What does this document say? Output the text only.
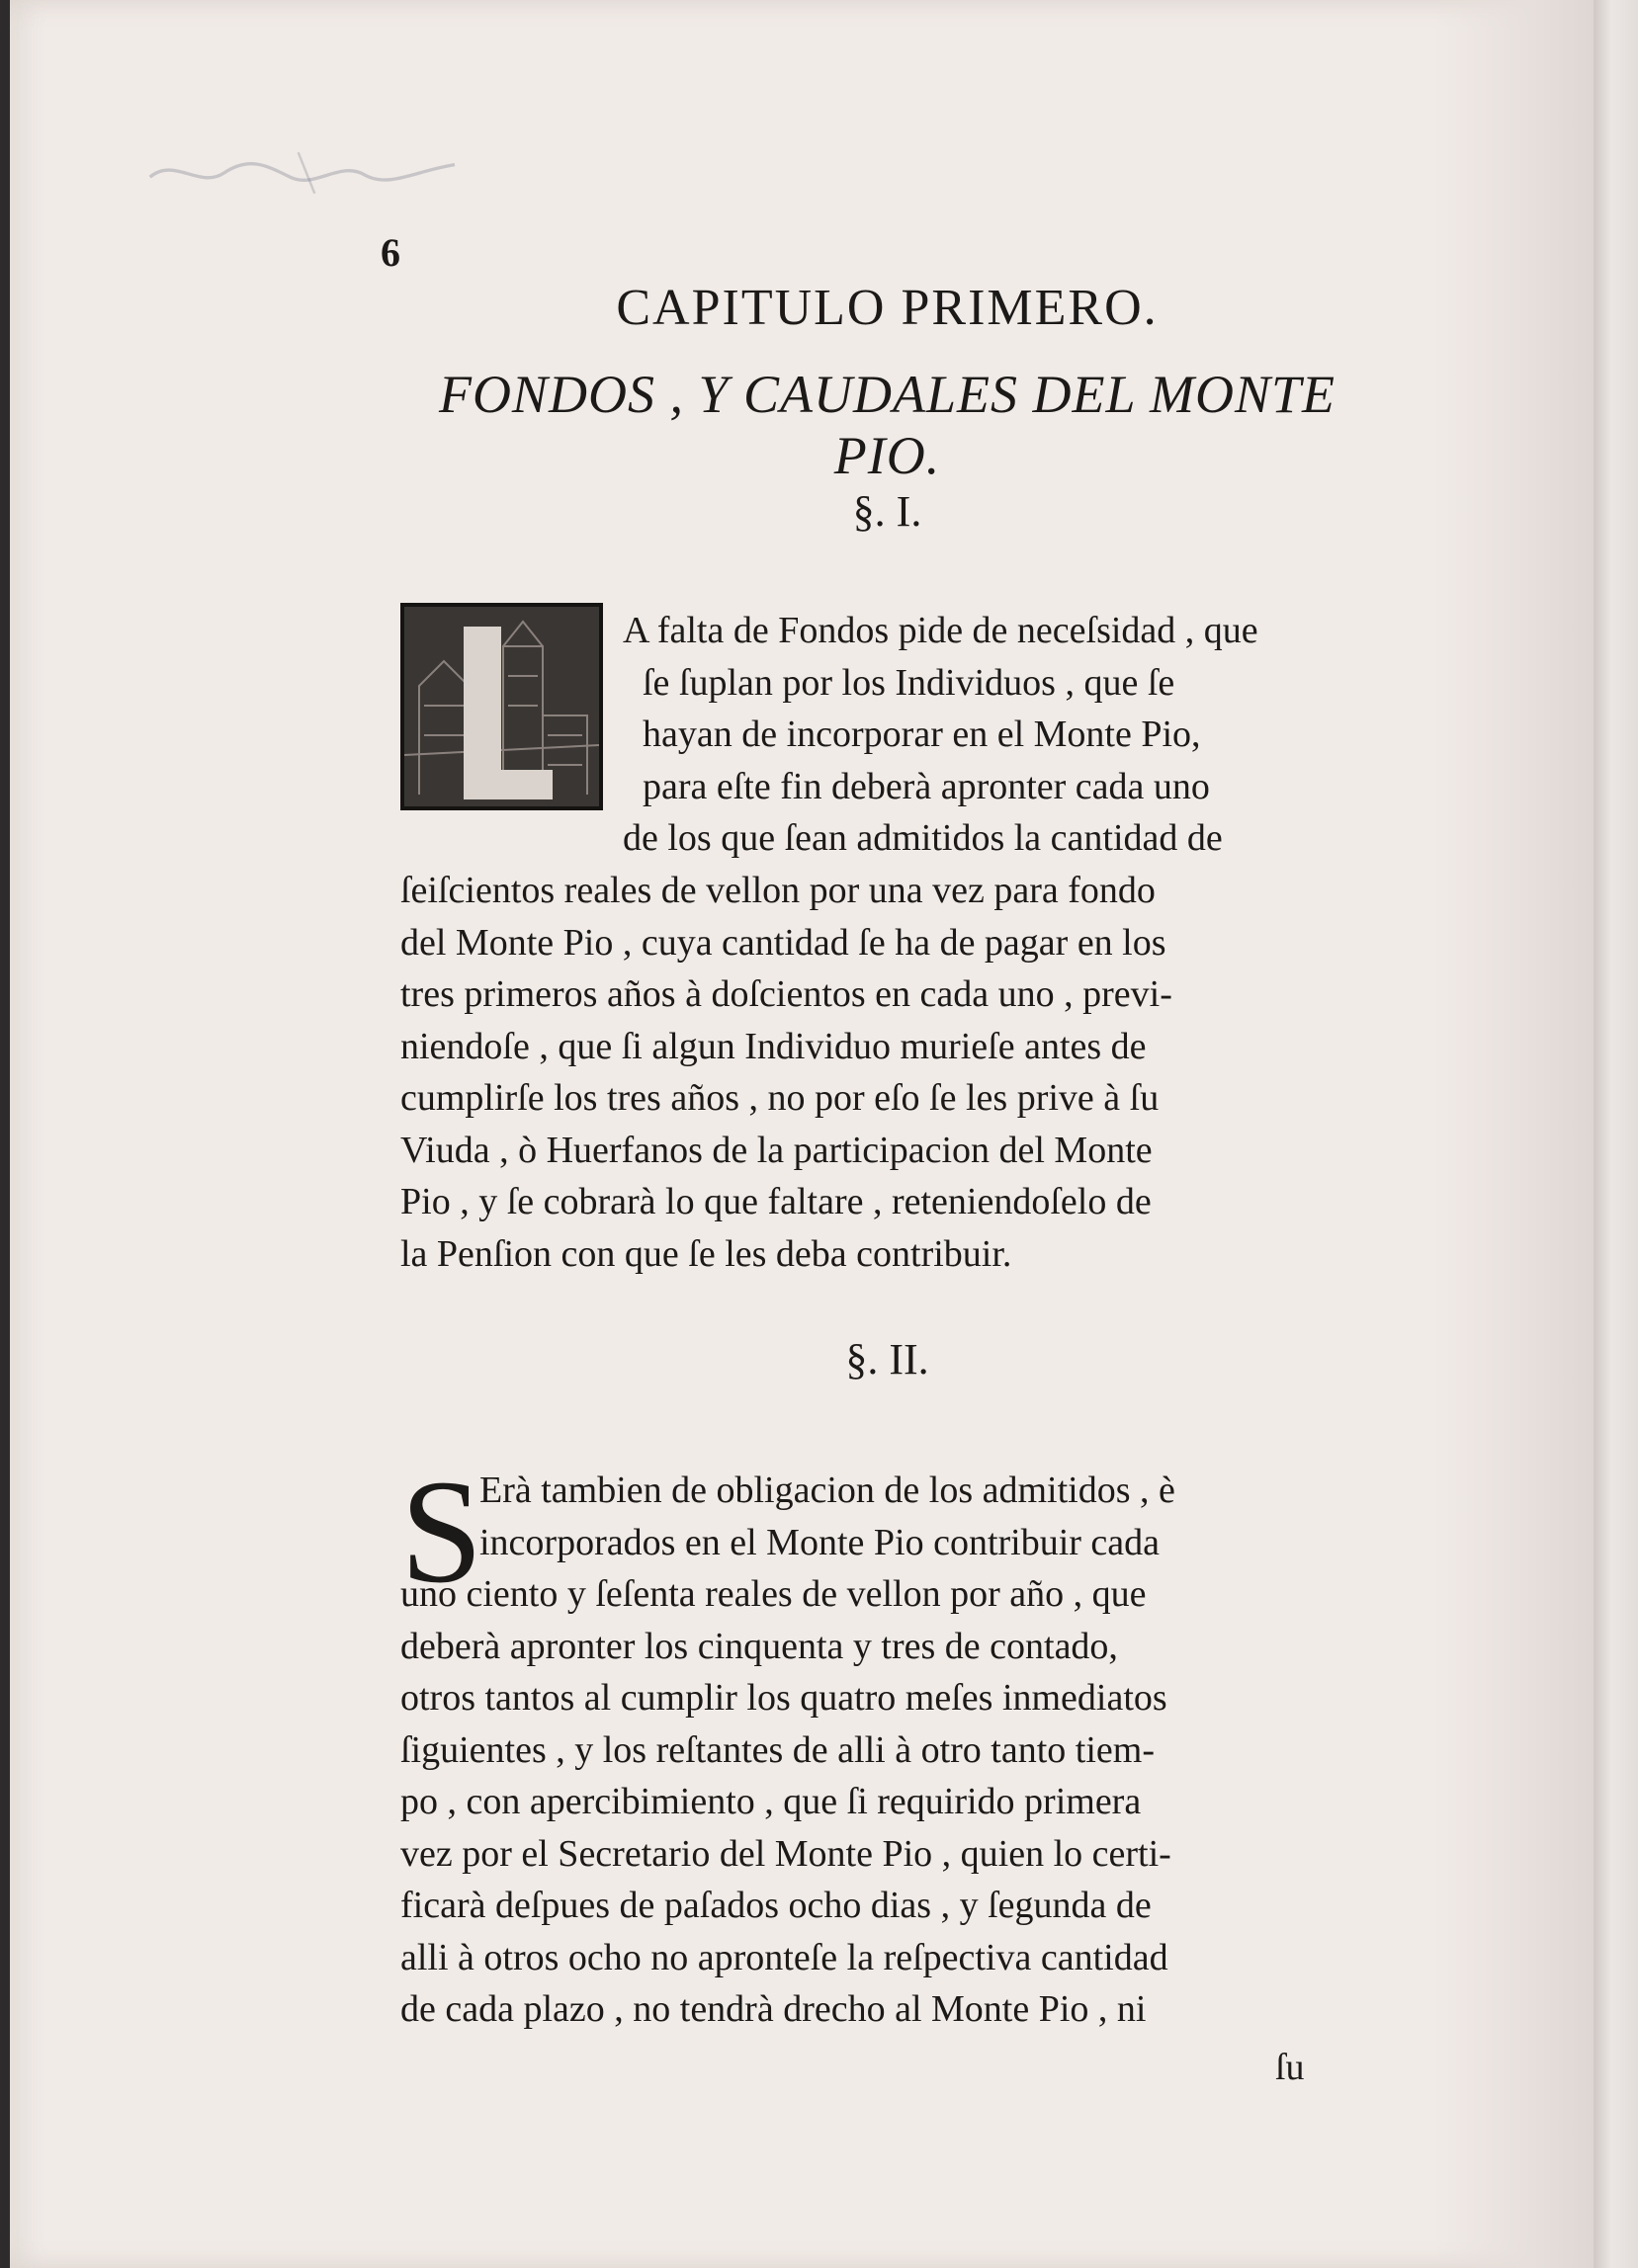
6
CAPITULO PRIMERO.
FONDOS , Y CAUDALES DEL MONTE PIO.
§. I.
A falta de Fondos pide de neceſsidad , que
ſe ſuplan por los Individuos , que ſe
hayan de incorporar en el Monte Pio,
para eſte fin deberà apronter cada uno
de los que ſean admitidos la cantidad de
ſeiſcientos reales de vellon por una vez para fondo
del Monte Pio , cuya cantidad ſe ha de pagar en los
tres primeros años à doſcientos en cada uno , previ-
niendoſe , que ſi algun Individuo murieſe antes de
cumplirſe los tres años , no por eſo ſe les prive à ſu
Viuda , ò Huerfanos de la participacion del Monte
Pio , y ſe cobrarà lo que faltare , reteniendoſelo de
la Penſion con que ſe les deba contribuir.
§. II.
S
Erà tambien de obligacion de los admitidos , è
incorporados en el Monte Pio contribuir cada
uno ciento y ſeſenta reales de vellon por año , que
deberà apronter los cinquenta y tres de contado,
otros tantos al cumplir los quatro meſes inmediatos
ſiguientes , y los reſtantes de alli à otro tanto tiem-
po , con apercibimiento , que ſi requirido primera
vez por el Secretario del Monte Pio , quien lo certi-
ficarà deſpues de paſados ocho dias , y ſegunda de
alli à otros ocho no apronteſe la reſpectiva cantidad
de cada plazo , no tendrà drecho al Monte Pio , ni
ſu
